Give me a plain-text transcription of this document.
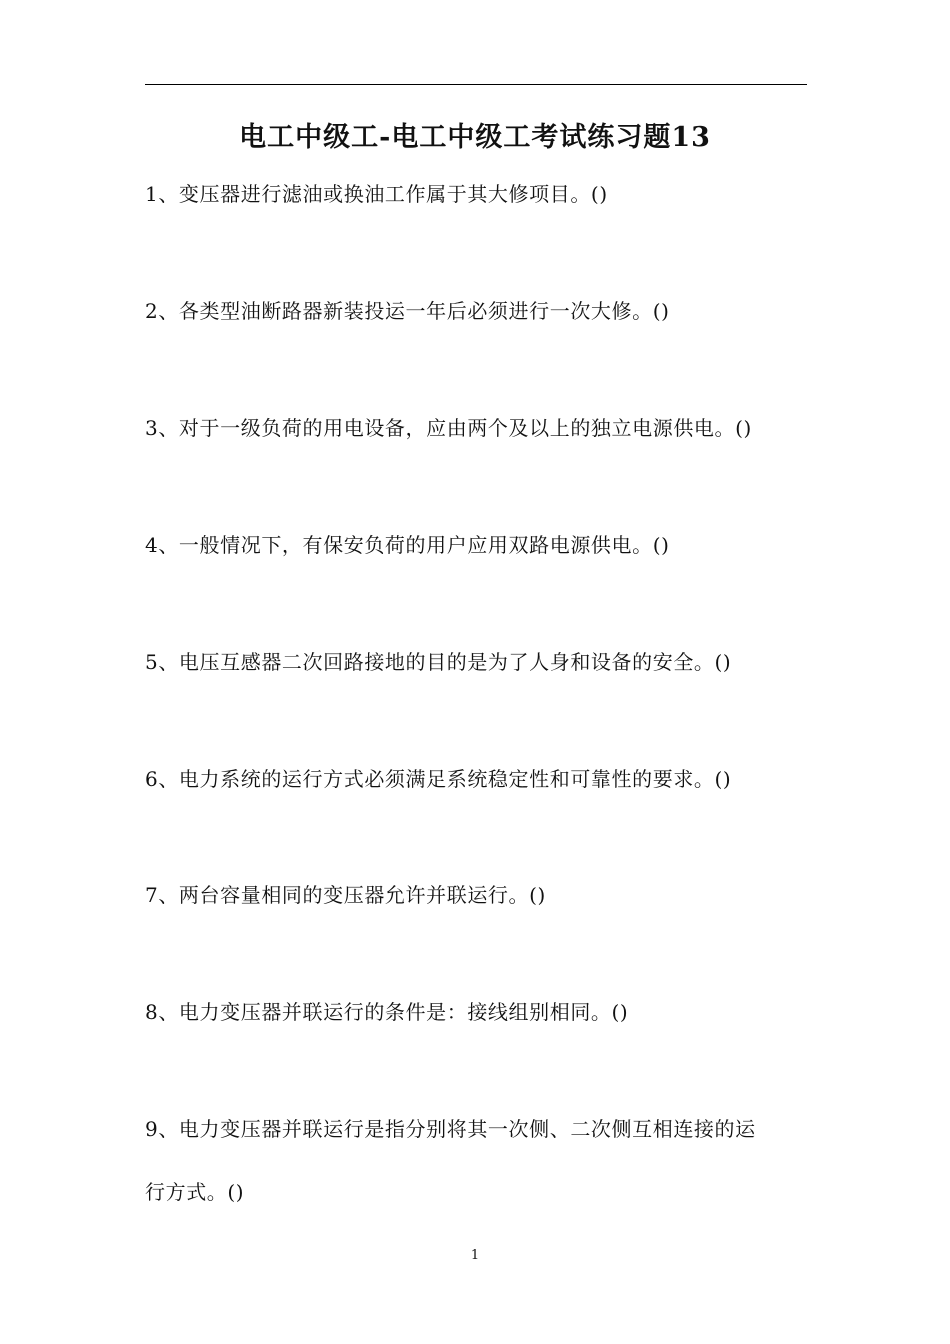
电工中级工-电工中级工考试练习题13
1、变压器进行滤油或换油工作属于其大修项目。()
2、各类型油断路器新装投运一年后必须进行一次大修。()
3、对于一级负荷的用电设备，应由两个及以上的独立电源供电。()
4、一般情况下，有保安负荷的用户应用双路电源供电。()
5、电压互感器二次回路接地的目的是为了人身和设备的安全。()
6、电力系统的运行方式必须满足系统稳定性和可靠性的要求。()
7、两台容量相同的变压器允许并联运行。()
8、电力变压器并联运行的条件是：接线组别相同。()
9、电力变压器并联运行是指分别将其一次侧、二次侧互相连接的运
行方式。()
1
